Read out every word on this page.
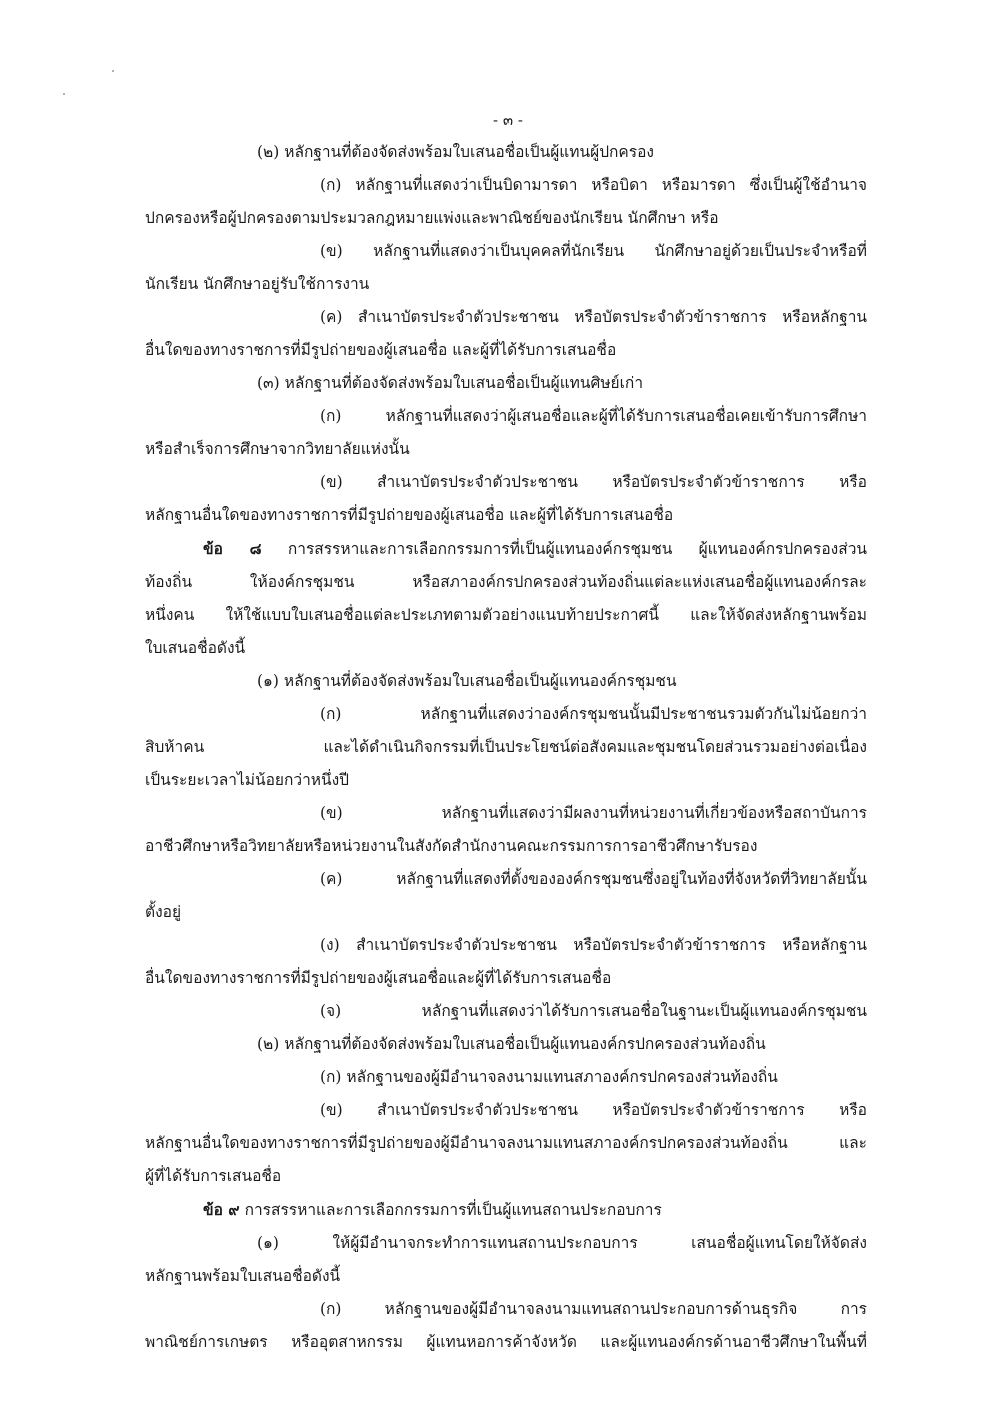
- ๓ -
(๒) หลักฐานที่ต้องจัดส่งพร้อมใบเสนอชื่อเป็นผู้แทนผู้ปกครอง
(ก) หลักฐานที่แสดงว่าเป็นบิดามารดา หรือบิดา หรือมารดา ซึ่งเป็นผู้ใช้อำนาจ
ปกครองหรือผู้ปกครองตามประมวลกฎหมายแพ่งและพาณิชย์ของนักเรียน นักศึกษา หรือ
(ข) หลักฐานที่แสดงว่าเป็นบุคคลที่นักเรียน นักศึกษาอยู่ด้วยเป็นประจำหรือที่
นักเรียน นักศึกษาอยู่รับใช้การงาน
(ค) สำเนาบัตรประจำตัวประชาชน หรือบัตรประจำตัวข้าราชการ หรือหลักฐาน
อื่นใดของทางราชการที่มีรูปถ่ายของผู้เสนอชื่อ และผู้ที่ได้รับการเสนอชื่อ
(๓) หลักฐานที่ต้องจัดส่งพร้อมใบเสนอชื่อเป็นผู้แทนศิษย์เก่า
(ก) หลักฐานที่แสดงว่าผู้เสนอชื่อและผู้ที่ได้รับการเสนอชื่อเคยเข้ารับการศึกษา
หรือสำเร็จการศึกษาจากวิทยาลัยแห่งนั้น
(ข) สำเนาบัตรประจำตัวประชาชน หรือบัตรประจำตัวข้าราชการ หรือ
หลักฐานอื่นใดของทางราชการที่มีรูปถ่ายของผู้เสนอชื่อ และผู้ที่ได้รับการเสนอชื่อ
ข้อ ๘ การสรรหาและการเลือกกรรมการที่เป็นผู้แทนองค์กรชุมชน ผู้แทนองค์กรปกครองส่วน
ท้องถิ่น ให้องค์กรชุมชน หรือสภาองค์กรปกครองส่วนท้องถิ่นแต่ละแห่งเสนอชื่อผู้แทนองค์กรละ
หนึ่งคน ให้ใช้แบบใบเสนอชื่อแต่ละประเภทตามตัวอย่างแนบท้ายประกาศนี้ และให้จัดส่งหลักฐานพร้อม
ใบเสนอชื่อดังนี้
(๑) หลักฐานที่ต้องจัดส่งพร้อมใบเสนอชื่อเป็นผู้แทนองค์กรชุมชน
(ก) หลักฐานที่แสดงว่าองค์กรชุมชนนั้นมีประชาชนรวมตัวกันไม่น้อยกว่า
สิบห้าคน และได้ดำเนินกิจกรรมที่เป็นประโยชน์ต่อสังคมและชุมชนโดยส่วนรวมอย่างต่อเนื่อง
เป็นระยะเวลาไม่น้อยกว่าหนึ่งปี
(ข) หลักฐานที่แสดงว่ามีผลงานที่หน่วยงานที่เกี่ยวข้องหรือสถาบันการ
อาชีวศึกษาหรือวิทยาลัยหรือหน่วยงานในสังกัดสำนักงานคณะกรรมการการอาชีวศึกษารับรอง
(ค) หลักฐานที่แสดงที่ตั้งขององค์กรชุมชนซึ่งอยู่ในท้องที่จังหวัดที่วิทยาลัยนั้น
ตั้งอยู่
(ง) สำเนาบัตรประจำตัวประชาชน หรือบัตรประจำตัวข้าราชการ หรือหลักฐาน
อื่นใดของทางราชการที่มีรูปถ่ายของผู้เสนอชื่อและผู้ที่ได้รับการเสนอชื่อ
(จ) หลักฐานที่แสดงว่าได้รับการเสนอชื่อในฐานะเป็นผู้แทนองค์กรชุมชน
(๒) หลักฐานที่ต้องจัดส่งพร้อมใบเสนอชื่อเป็นผู้แทนองค์กรปกครองส่วนท้องถิ่น
(ก) หลักฐานของผู้มีอำนาจลงนามแทนสภาองค์กรปกครองส่วนท้องถิ่น
(ข) สำเนาบัตรประจำตัวประชาชน หรือบัตรประจำตัวข้าราชการ หรือ
หลักฐานอื่นใดของทางราชการที่มีรูปถ่ายของผู้มีอำนาจลงนามแทนสภาองค์กรปกครองส่วนท้องถิ่น และ
ผู้ที่ได้รับการเสนอชื่อ
ข้อ ๙ การสรรหาและการเลือกกรรมการที่เป็นผู้แทนสถานประกอบการ
(๑) ให้ผู้มีอำนาจกระทำการแทนสถานประกอบการ เสนอชื่อผู้แทนโดยให้จัดส่ง
หลักฐานพร้อมใบเสนอชื่อดังนี้
(ก) หลักฐานของผู้มีอำนาจลงนามแทนสถานประกอบการด้านธุรกิจ การ
พาณิชย์การเกษตร หรืออุตสาหกรรม ผู้แทนหอการค้าจังหวัด และผู้แทนองค์กรด้านอาชีวศึกษาในพื้นที่
